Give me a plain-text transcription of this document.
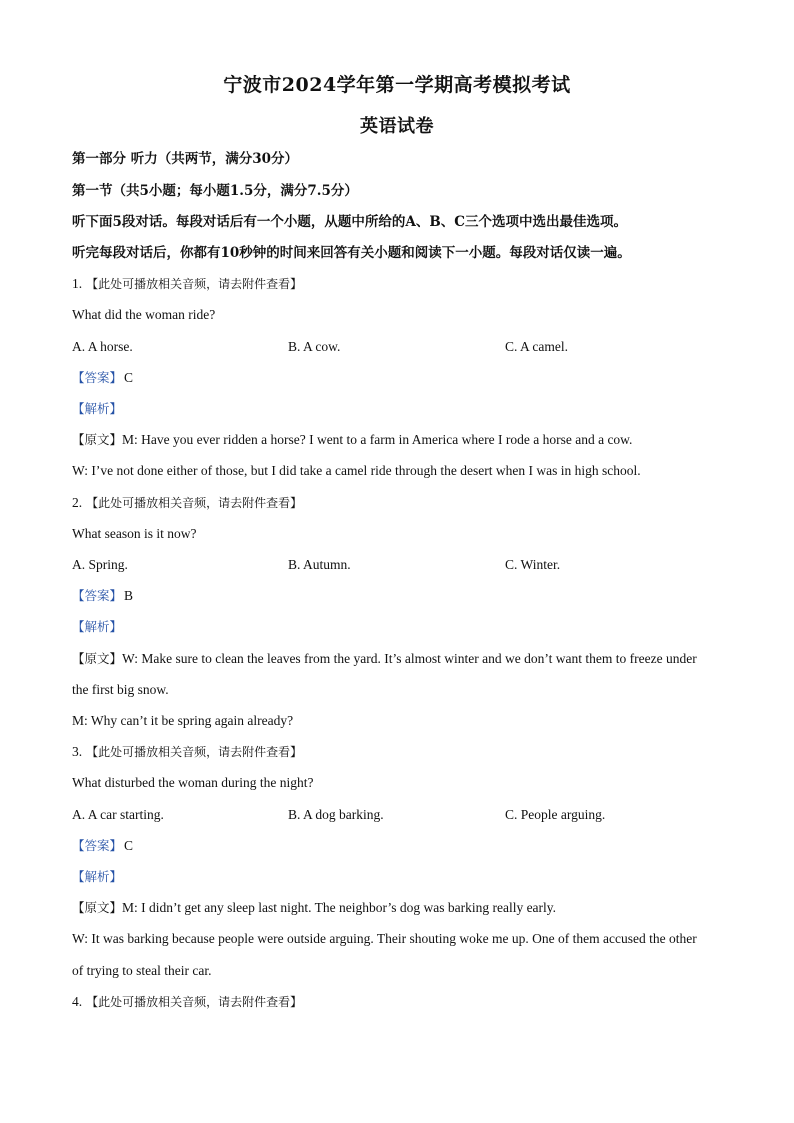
宁波市2024学年第一学期高考模拟考试
英语试卷
第一部分 听力（共两节，满分30分）
第一节（共5小题；每小题1.5分，满分7.5分）
听下面5段对话。每段对话后有一个小题，从题中所给的A、B、C三个选项中选出最佳选项。
听完每段对话后，你都有10秒钟的时间来回答有关小题和阅读下一小题。每段对话仅读一遍。
1. 【此处可播放相关音频，请去附件查看】
What did the woman ride?
A. A horse.	B. A cow.	C. A camel.
【答案】 C
【解析】
【原文】M: Have you ever ridden a horse? I went to a farm in America where I rode a horse and a cow.
W: I’ve not done either of those, but I did take a camel ride through the desert when I was in high school.
2. 【此处可播放相关音频，请去附件查看】
What season is it now?
A. Spring.	B. Autumn.	C. Winter.
【答案】 B
【解析】
【原文】W: Make sure to clean the leaves from the yard. It’s almost winter and we don’t want them to freeze under
the first big snow.
M: Why can’t it be spring again already?
3. 【此处可播放相关音频，请去附件查看】
What disturbed the woman during the night?
A. A car starting.	B. A dog barking.	C. People arguing.
【答案】 C
【解析】
【原文】M: I didn’t get any sleep last night. The neighbor’s dog was barking really early.
W: It was barking because people were outside arguing. Their shouting woke me up. One of them accused the other
of trying to steal their car.
4. 【此处可播放相关音频，请去附件查看】
